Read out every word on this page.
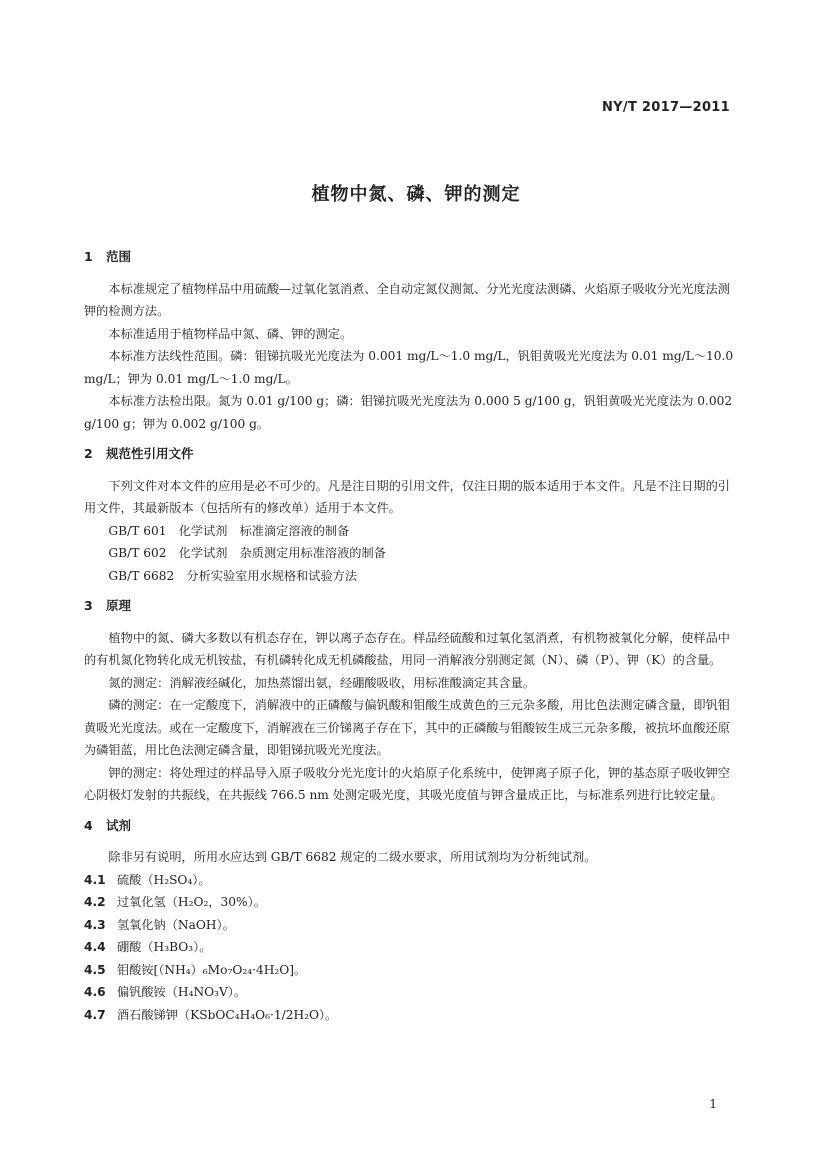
NY/T 2017—2011
植物中氮、磷、钾的测定
1	范围

本标准规定了植物样品中用硫酸—过氧化氢消煮、全自动定氮仪测氮、分光光度法测磷、火焰原子吸收分光光度法测钾的检测方法。

本标准适用于植物样品中氮、磷、钾的测定。

本标准方法线性范围。磷：钼锑抗吸光光度法为 0.001 mg/L～1.0 mg/L，钒钼黄吸光光度法为 0.01 mg/L～10.0 mg/L；钾为 0.01 mg/L～1.0 mg/L。

本标准方法检出限。氮为 0.01 g/100 g；磷：钼锑抗吸光光度法为 0.000 5 g/100 g，钒钼黄吸光光度法为 0.002 g/100 g；钾为 0.002 g/100 g。

2	规范性引用文件

下列文件对本文件的应用是必不可少的。凡是注日期的引用文件，仅注日期的版本适用于本文件。凡是不注日期的引用文件，其最新版本（包括所有的修改单）适用于本文件。

GB/T 601　化学试剂　标准滴定溶液的制备

GB/T 602　化学试剂　杂质测定用标准溶液的制备

GB/T 6682　分析实验室用水规格和试验方法

3	原理

植物中的氮、磷大多数以有机态存在，钾以离子态存在。样品经硫酸和过氧化氢消煮，有机物被氧化分解，使样品中的有机氮化物转化成无机铵盐，有机磷转化成无机磷酸盐，用同一消解液分别测定氮（N）、磷（P）、钾（K）的含量。

氮的测定：消解液经碱化，加热蒸馏出氨，经硼酸吸收，用标准酸滴定其含量。

磷的测定：在一定酸度下，消解液中的正磷酸与偏钒酸和钼酸生成黄色的三元杂多酸，用比色法测定磷含量，即钒钼黄吸光光度法。或在一定酸度下，消解液在三价锑离子存在下，其中的正磷酸与钼酸铵生成三元杂多酸，被抗坏血酸还原为磷钼蓝，用比色法测定磷含量，即钼锑抗吸光光度法。

钾的测定：将处理过的样品导入原子吸收分光光度计的火焰原子化系统中，使钾离子原子化，钾的基态原子吸收钾空心阴极灯发射的共振线，在共振线 766.5 nm 处测定吸光度，其吸光度值与钾含量成正比，与标准系列进行比较定量。

4	试剂

除非另有说明，所用水应达到 GB/T 6682 规定的二级水要求，所用试剂均为分析纯试剂。

4.1 硫酸（H₂SO₄）。
4.2 过氧化氢（H₂O₂，30%）。
4.3 氢氧化钠（NaOH）。
4.4 硼酸（H₃BO₃）。
4.5 钼酸铵[（NH₄）₆Mo₇O₂₄·4H₂O]。
4.6 偏钒酸铵（H₄NO₃V）。
4.7 酒石酸锑钾（KSbOC₄H₄O₆·1/2H₂O）。
1
